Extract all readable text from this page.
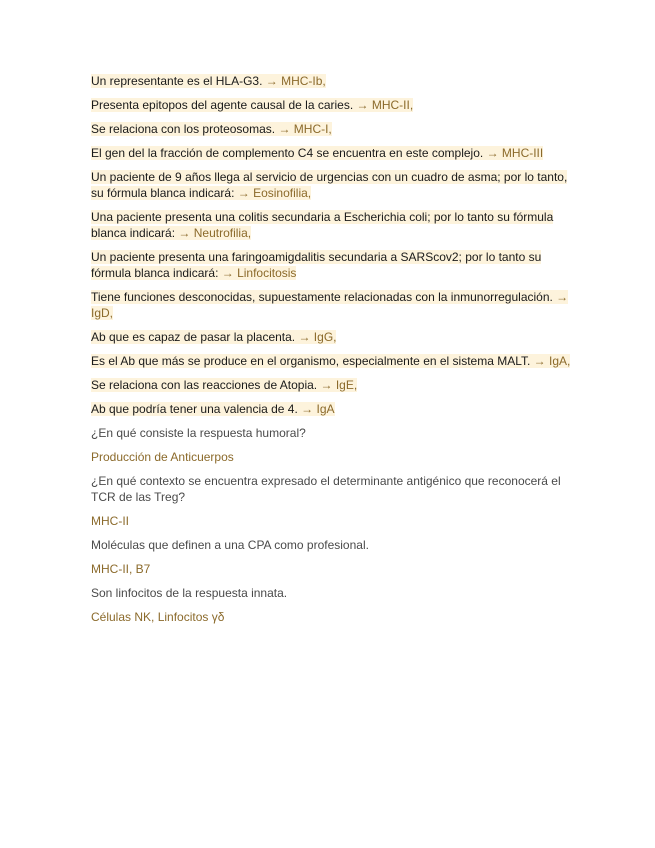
Un representante es el HLA-G3. → MHC-Ib,
Presenta epitopos del agente causal de la caries. → MHC-II,
Se relaciona con los proteosomas. → MHC-I,
El gen del la fracción de complemento C4 se encuentra en este complejo. → MHC-III
Un paciente de 9 años llega al servicio de urgencias con un cuadro de asma; por lo tanto, su fórmula blanca indicará: → Eosinofilia,
Una paciente presenta una colitis secundaria a Escherichia coli; por lo tanto su fórmula blanca indicará: → Neutrofilia,
Un paciente presenta una faringoamigdalitis secundaria a SARScov2; por lo tanto su fórmula blanca indicará: → Linfocitosis
Tiene funciones desconocidas, supuestamente relacionadas con la inmunorregulación. → IgD,
Ab que es capaz de pasar la placenta. → IgG,
Es el Ab que más se produce en el organismo, especialmente en el sistema MALT. → IgA,
Se relaciona con las reacciones de Atopia. → IgE,
Ab que podría tener una valencia de 4. → IgA
¿En qué consiste la respuesta humoral?
Producción de Anticuerpos
¿En qué contexto se encuentra expresado el determinante antigénico que reconocerá el TCR de las Treg?
MHC-II
Moléculas que definen a una CPA como profesional.
MHC-II, B7
Son linfocitos de la respuesta innata.
Células NK, Linfocitos γδ
